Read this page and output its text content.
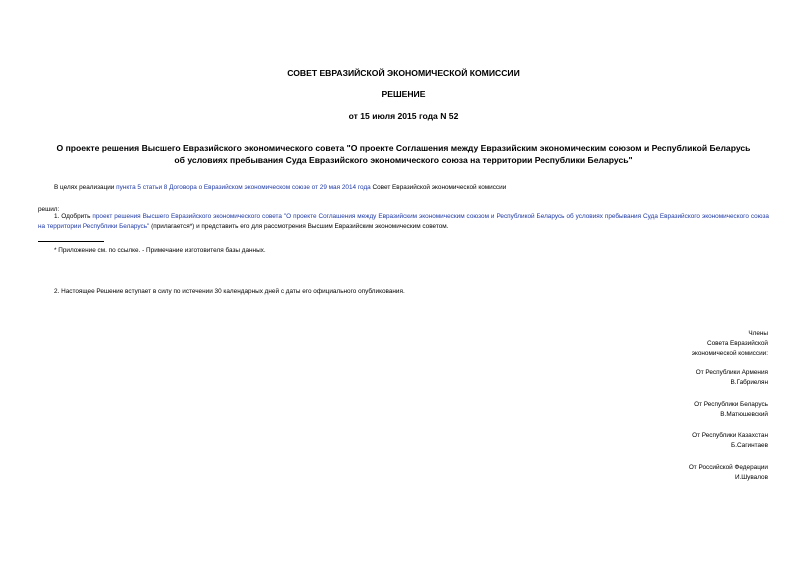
СОВЕТ ЕВРАЗИЙСКОЙ ЭКОНОМИЧЕСКОЙ КОМИССИИ
РЕШЕНИЕ
от 15 июля 2015 года N 52
О проекте решения Высшего Евразийского экономического совета "О проекте Соглашения между Евразийским экономическим союзом и Республикой Беларусь
об условиях пребывания Суда Евразийского экономического союза на территории Республики Беларусь"
В целях реализации пункта 5 статьи 8 Договора о Евразийском экономическом союзе от 29 мая 2014 года Совет Евразийской экономической комиссии
решил:
1. Одобрить проект решения Высшего Евразийского экономического совета "О проекте Соглашения между Евразийским экономическим союзом и Республикой Беларусь об условиях пребывания Суда Евразийского экономического союза на территории Республики Беларусь" (прилагается*) и представить его для рассмотрения Высшим Евразийским экономическим советом.
* Приложение см. по ссылке. - Примечание изготовителя базы данных.
2. Настоящее Решение вступает в силу по истечении 30 календарных дней с даты его официального опубликования.
Члены
Совета Евразийской
экономической комиссии:
От Республики Армения
В.Габриелян
От Республики Беларусь
В.Матюшевский
От Республики Казахстан
Б.Сагинтаев
От Российской Федерации
И.Шувалов
